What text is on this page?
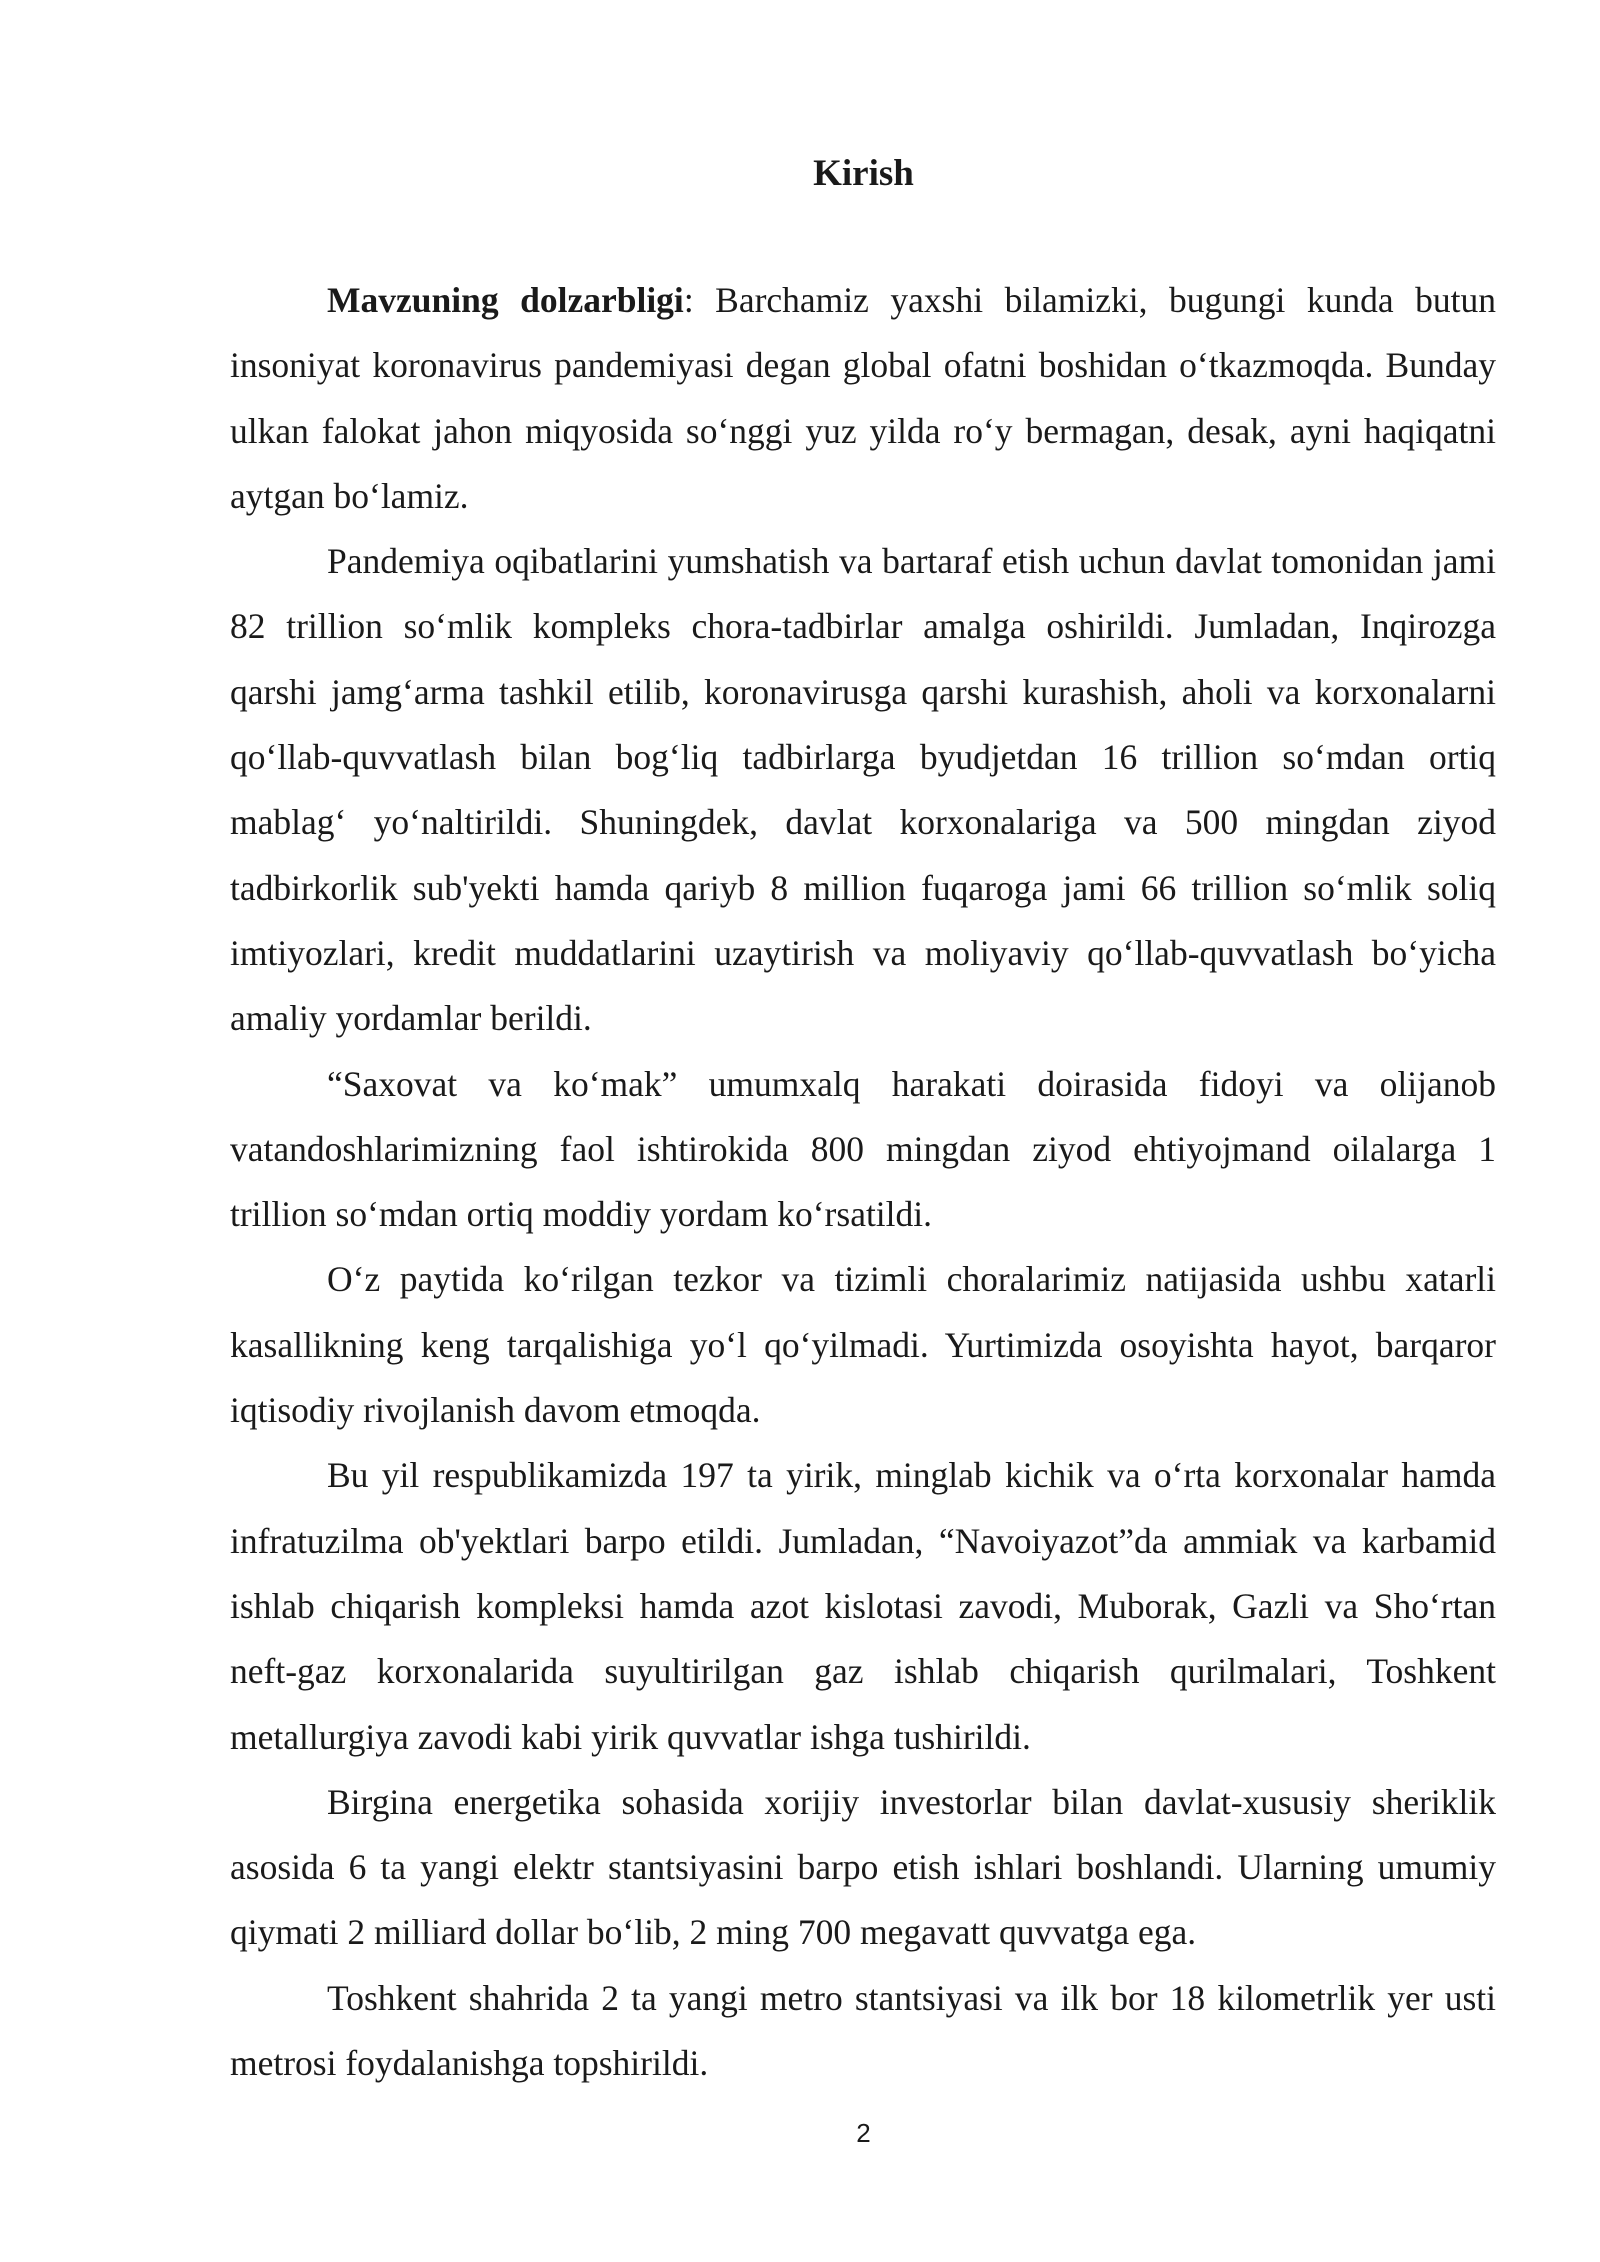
Kirish

Mavzuning dolzarbligi: Barchamiz yaxshi bilamizki, bugungi kunda butun insoniyat koronavirus pandemiyasi degan global ofatni boshidan o‘tkazmoqda. Bunday ulkan falokat jahon miqyosida so‘nggi yuz yilda ro‘y bermagan, desak, ayni haqiqatni aytgan bo‘lamiz.

Pandemiya oqibatlarini yumshatish va bartaraf etish uchun davlat tomonidan jami 82 trillion so‘mlik kompleks chora-tadbirlar amalga oshirildi. Jumladan, Inqirozga qarshi jamg‘arma tashkil etilib, koronavirusga qarshi kurashish, aholi va korxonalarni qo‘llab-quvvatlash bilan bog‘liq tadbirlarga byudjetdan 16 trillion so‘mdan ortiq mablag‘ yo‘naltirildi. Shuningdek, davlat korxonalariga va 500 mingdan ziyod tadbirkorlik sub'yekti hamda qariyb 8 million fuqaroga jami 66 trillion so‘mlik soliq imtiyozlari, kredit muddatlarini uzaytirish va moliyaviy qo‘llab-quvvatlash bo‘yicha amaliy yordamlar berildi.

“Saxovat va ko‘mak” umumxalq harakati doirasida fidoyi va olijanob vatandoshlarimizning faol ishtirokida 800 mingdan ziyod ehtiyojmand oilalarga 1 trillion so‘mdan ortiq moddiy yordam ko‘rsatildi.

O‘z paytida ko‘rilgan tezkor va tizimli choralarimiz natijasida ushbu xatarli kasallikning keng tarqalishiga yo‘l qo‘yilmadi. Yurtimizda osoyishta hayot, barqaror iqtisodiy rivojlanish davom etmoqda.

Bu yil respublikamizda 197 ta yirik, minglab kichik va o‘rta korxonalar hamda infratuzilma ob'yektlari barpo etildi. Jumladan, “Navoiyazot”da ammiak va karbamid ishlab chiqarish kompleksi hamda azot kislotasi zavodi, Muborak, Gazli va Sho‘rtan neft-gaz korxonalarida suyultirilgan gaz ishlab chiqarish qurilmalari, Toshkent metallurgiya zavodi kabi yirik quvvatlar ishga tushirildi.

Birgina energetika sohasida xorijiy investorlar bilan davlat-xususiy sheriklik asosida 6 ta yangi elektr stantsiyasini barpo etish ishlari boshlandi. Ularning umumiy qiymati 2 milliard dollar bo‘lib, 2 ming 700 megavatt quvvatga ega.

Toshkent shahrida 2 ta yangi metro stantsiyasi va ilk bor 18 kilometrlik yer usti metrosi foydalanishga topshirildi.

2
